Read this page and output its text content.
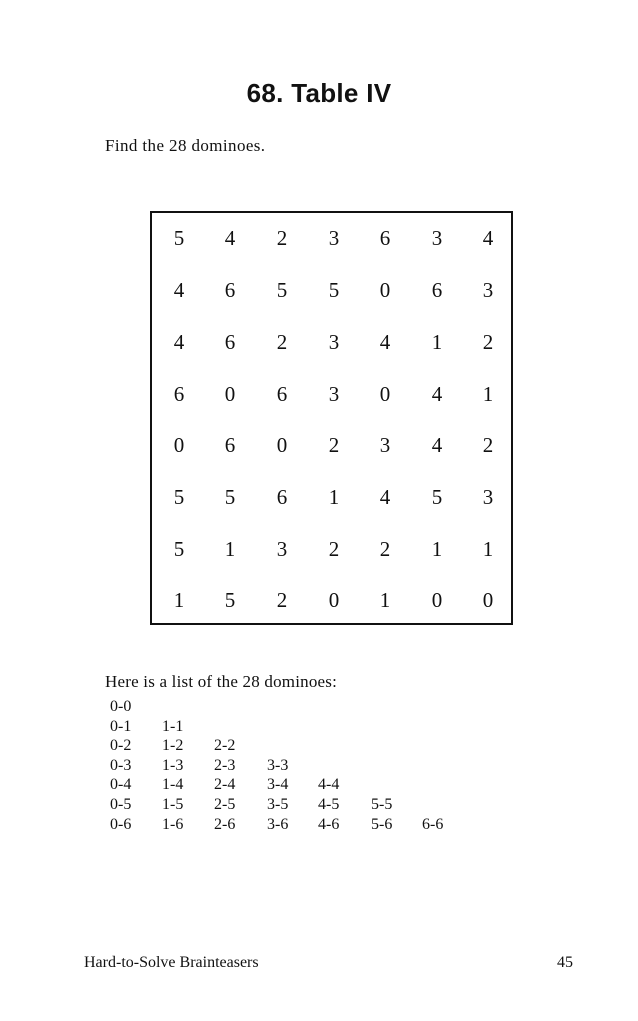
68. Table IV
Find the 28 dominoes.
5	4	2	3	6	3	4
4	6	5	5	0	6	3
4	6	2	3	4	1	2
6	0	6	3	0	4	1
0	6	0	2	3	4	2
5	5	6	1	4	5	3
5	1	3	2	2	1	1
1	5	2	0	1	0	0
Here is a list of the 28 dominoes:
0-0
0-1 1-1
0-2 1-2 2-2
0-3 1-3 2-3 3-3
0-4 1-4 2-4 3-4 4-4
0-5 1-5 2-5 3-5 4-5 5-5
0-6 1-6 2-6 3-6 4-6 5-6 6-6
Hard-to-Solve Brainteasers	45
